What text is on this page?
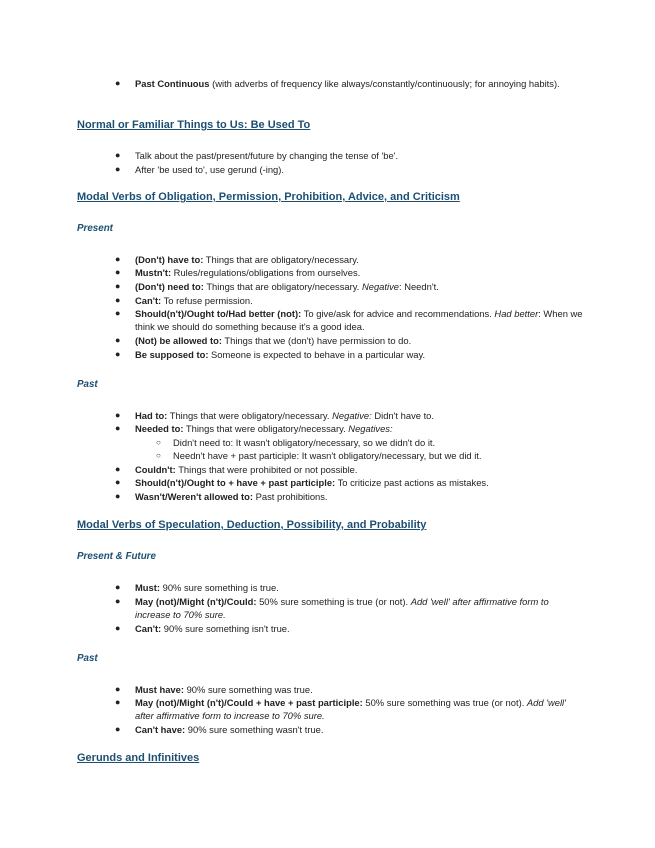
●	Past Continuous (with adverbs of frequency like always/constantly/continuously; for annoying habits).

Normal or Familiar Things to Us: Be Used To

●	Talk about the past/present/future by changing the tense of 'be'.
●	After 'be used to', use gerund (-ing).

Modal Verbs of Obligation, Permission, Prohibition, Advice, and Criticism

Present

●	(Don't) have to: Things that are obligatory/necessary.
●	Mustn't: Rules/regulations/obligations from ourselves.
●	(Don't) need to: Things that are obligatory/necessary. Negative: Needn't.
●	Can't: To refuse permission.
●	Should(n't)/Ought to/Had better (not): To give/ask for advice and recommendations. Had better: When we think we should do something because it's a good idea.
●	(Not) be allowed to: Things that we (don't) have permission to do.
●	Be supposed to: Someone is expected to behave in a particular way.

Past

●	Had to: Things that were obligatory/necessary. Negative: Didn't have to.
●	Needed to: Things that were obligatory/necessary. Negatives:
○	Didn't need to: It wasn't obligatory/necessary, so we didn't do it.
○	Needn't have + past participle: It wasn't obligatory/necessary, but we did it.
●	Couldn't: Things that were prohibited or not possible.
●	Should(n't)/Ought to + have + past participle: To criticize past actions as mistakes.
●	Wasn't/Weren't allowed to: Past prohibitions.

Modal Verbs of Speculation, Deduction, Possibility, and Probability

Present & Future

●	Must: 90% sure something is true.
●	May (not)/Might (n't)/Could: 50% sure something is true (or not). Add 'well' after affirmative form to increase to 70% sure.
●	Can't: 90% sure something isn't true.

Past

●	Must have: 90% sure something was true.
●	May (not)/Might (n't)/Could + have + past participle: 50% sure something was true (or not). Add 'well' after affirmative form to increase to 70% sure.
●	Can't have: 90% sure something wasn't true.

Gerunds and Infinitives
